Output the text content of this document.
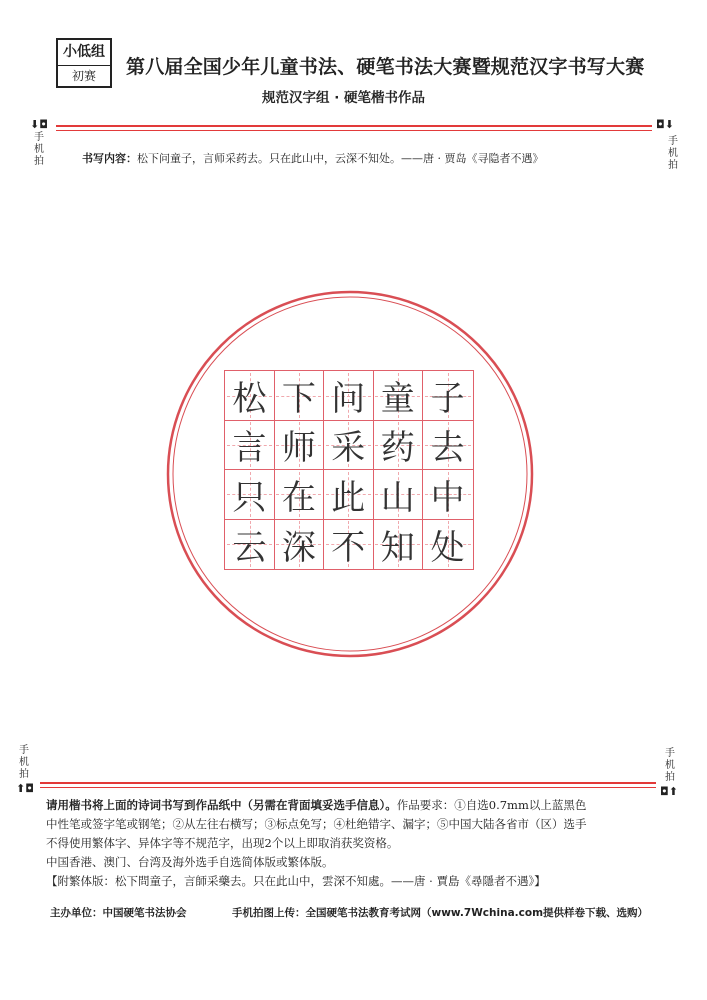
小低组
初赛	第八届全国少年儿童书法、硬笔书法大赛暨规范汉字书写大赛
规范汉字组 · 硬笔楷书作品
⬇◘
手
机
拍
◘⬇
手
机
拍
书写内容：松下问童子，言师采药去。只在此山中，云深不知处。——唐 · 贾岛《寻隐者不遇》
松 下 问 童 子
言 师 采 药 去
只 在 此 山 中
云 深 不 知 处
手
机
拍
⬆◘
手
机
拍
◘⬆
请用楷书将上面的诗词书写到作品纸中（另需在背面填妥选手信息）。作品要求：①自选0.7mm以上蓝黑色
中性笔或签字笔或钢笔；②从左往右横写；③标点免写；④杜绝错字、漏字；⑤中国大陆各省市（区）选手
不得使用繁体字、异体字等不规范字，出现2个以上即取消获奖资格。
中国香港、澳门、台湾及海外选手自选简体版或繁体版。
【附繁体版：松下問童子，言師采藥去。只在此山中，雲深不知處。——唐 · 賈島《尋隱者不遇》】
主办单位：中国硬笔书法协会	手机拍图上传：全国硬笔书法教育考试网（www.7Wchina.com提供样卷下载、选购）
